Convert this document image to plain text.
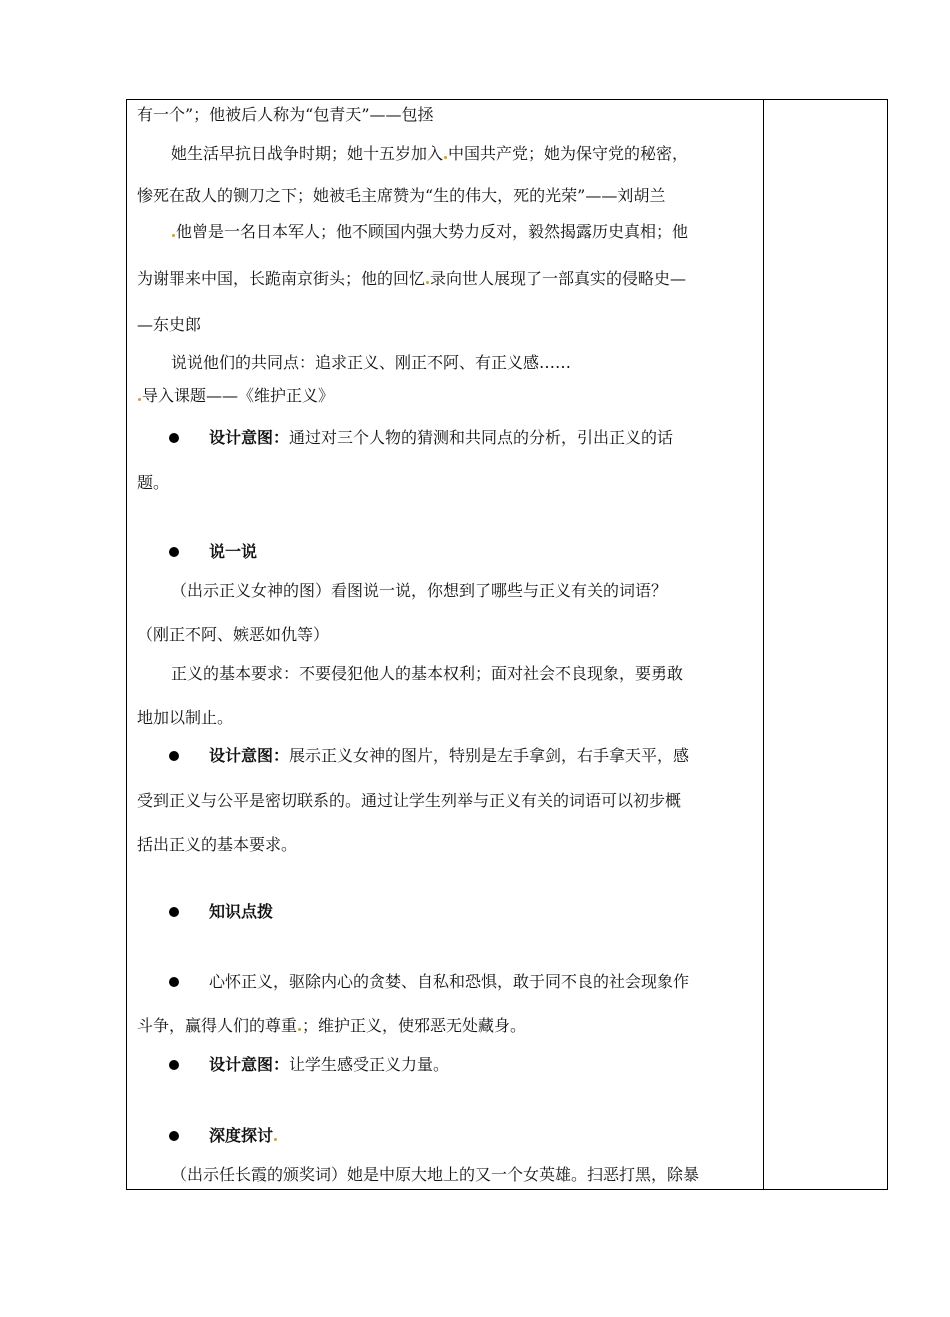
有一个”；他被后人称为“包青天”——包拯
她生活早抗日战争时期；她十五岁加入 中国共产党；她为保守党的秘密，
惨死在敌人的铡刀之下；她被毛主席赞为“生的伟大，死的光荣”——刘胡兰
他曾是一名日本军人；他不顾国内强大势力反对，毅然揭露历史真相；他
为谢罪来中国，长跪南京街头；他的回忆 录向世人展现了一部真实的侵略史—
—东史郎
说说他们的共同点：追求正义、刚正不阿、有正义感……
导入课题——《维护正义》
设计意图：通过对三个人物的猜测和共同点的分析，引出正义的话
题。
说一说
（出示正义女神的图）看图说一说，你想到了哪些与正义有关的词语？
（刚正不阿、嫉恶如仇等）
正义的基本要求：不要侵犯他人的基本权利；面对社会不良现象，要勇敢
地加以制止。
设计意图：展示正义女神的图片，特别是左手拿剑，右手拿天平，感
受到正义与公平是密切联系的。通过让学生列举与正义有关的词语可以初步概
括出正义的基本要求。
知识点拨
心怀正义，驱除内心的贪婪、自私和恐惧，敢于同不良的社会现象作
斗争，赢得人们的尊重 ；维护正义，使邪恶无处藏身。
设计意图：让学生感受正义力量。
深度探讨
（出示任长霞的颁奖词）她是中原大地上的又一个女英雄。扫恶打黑，除暴
